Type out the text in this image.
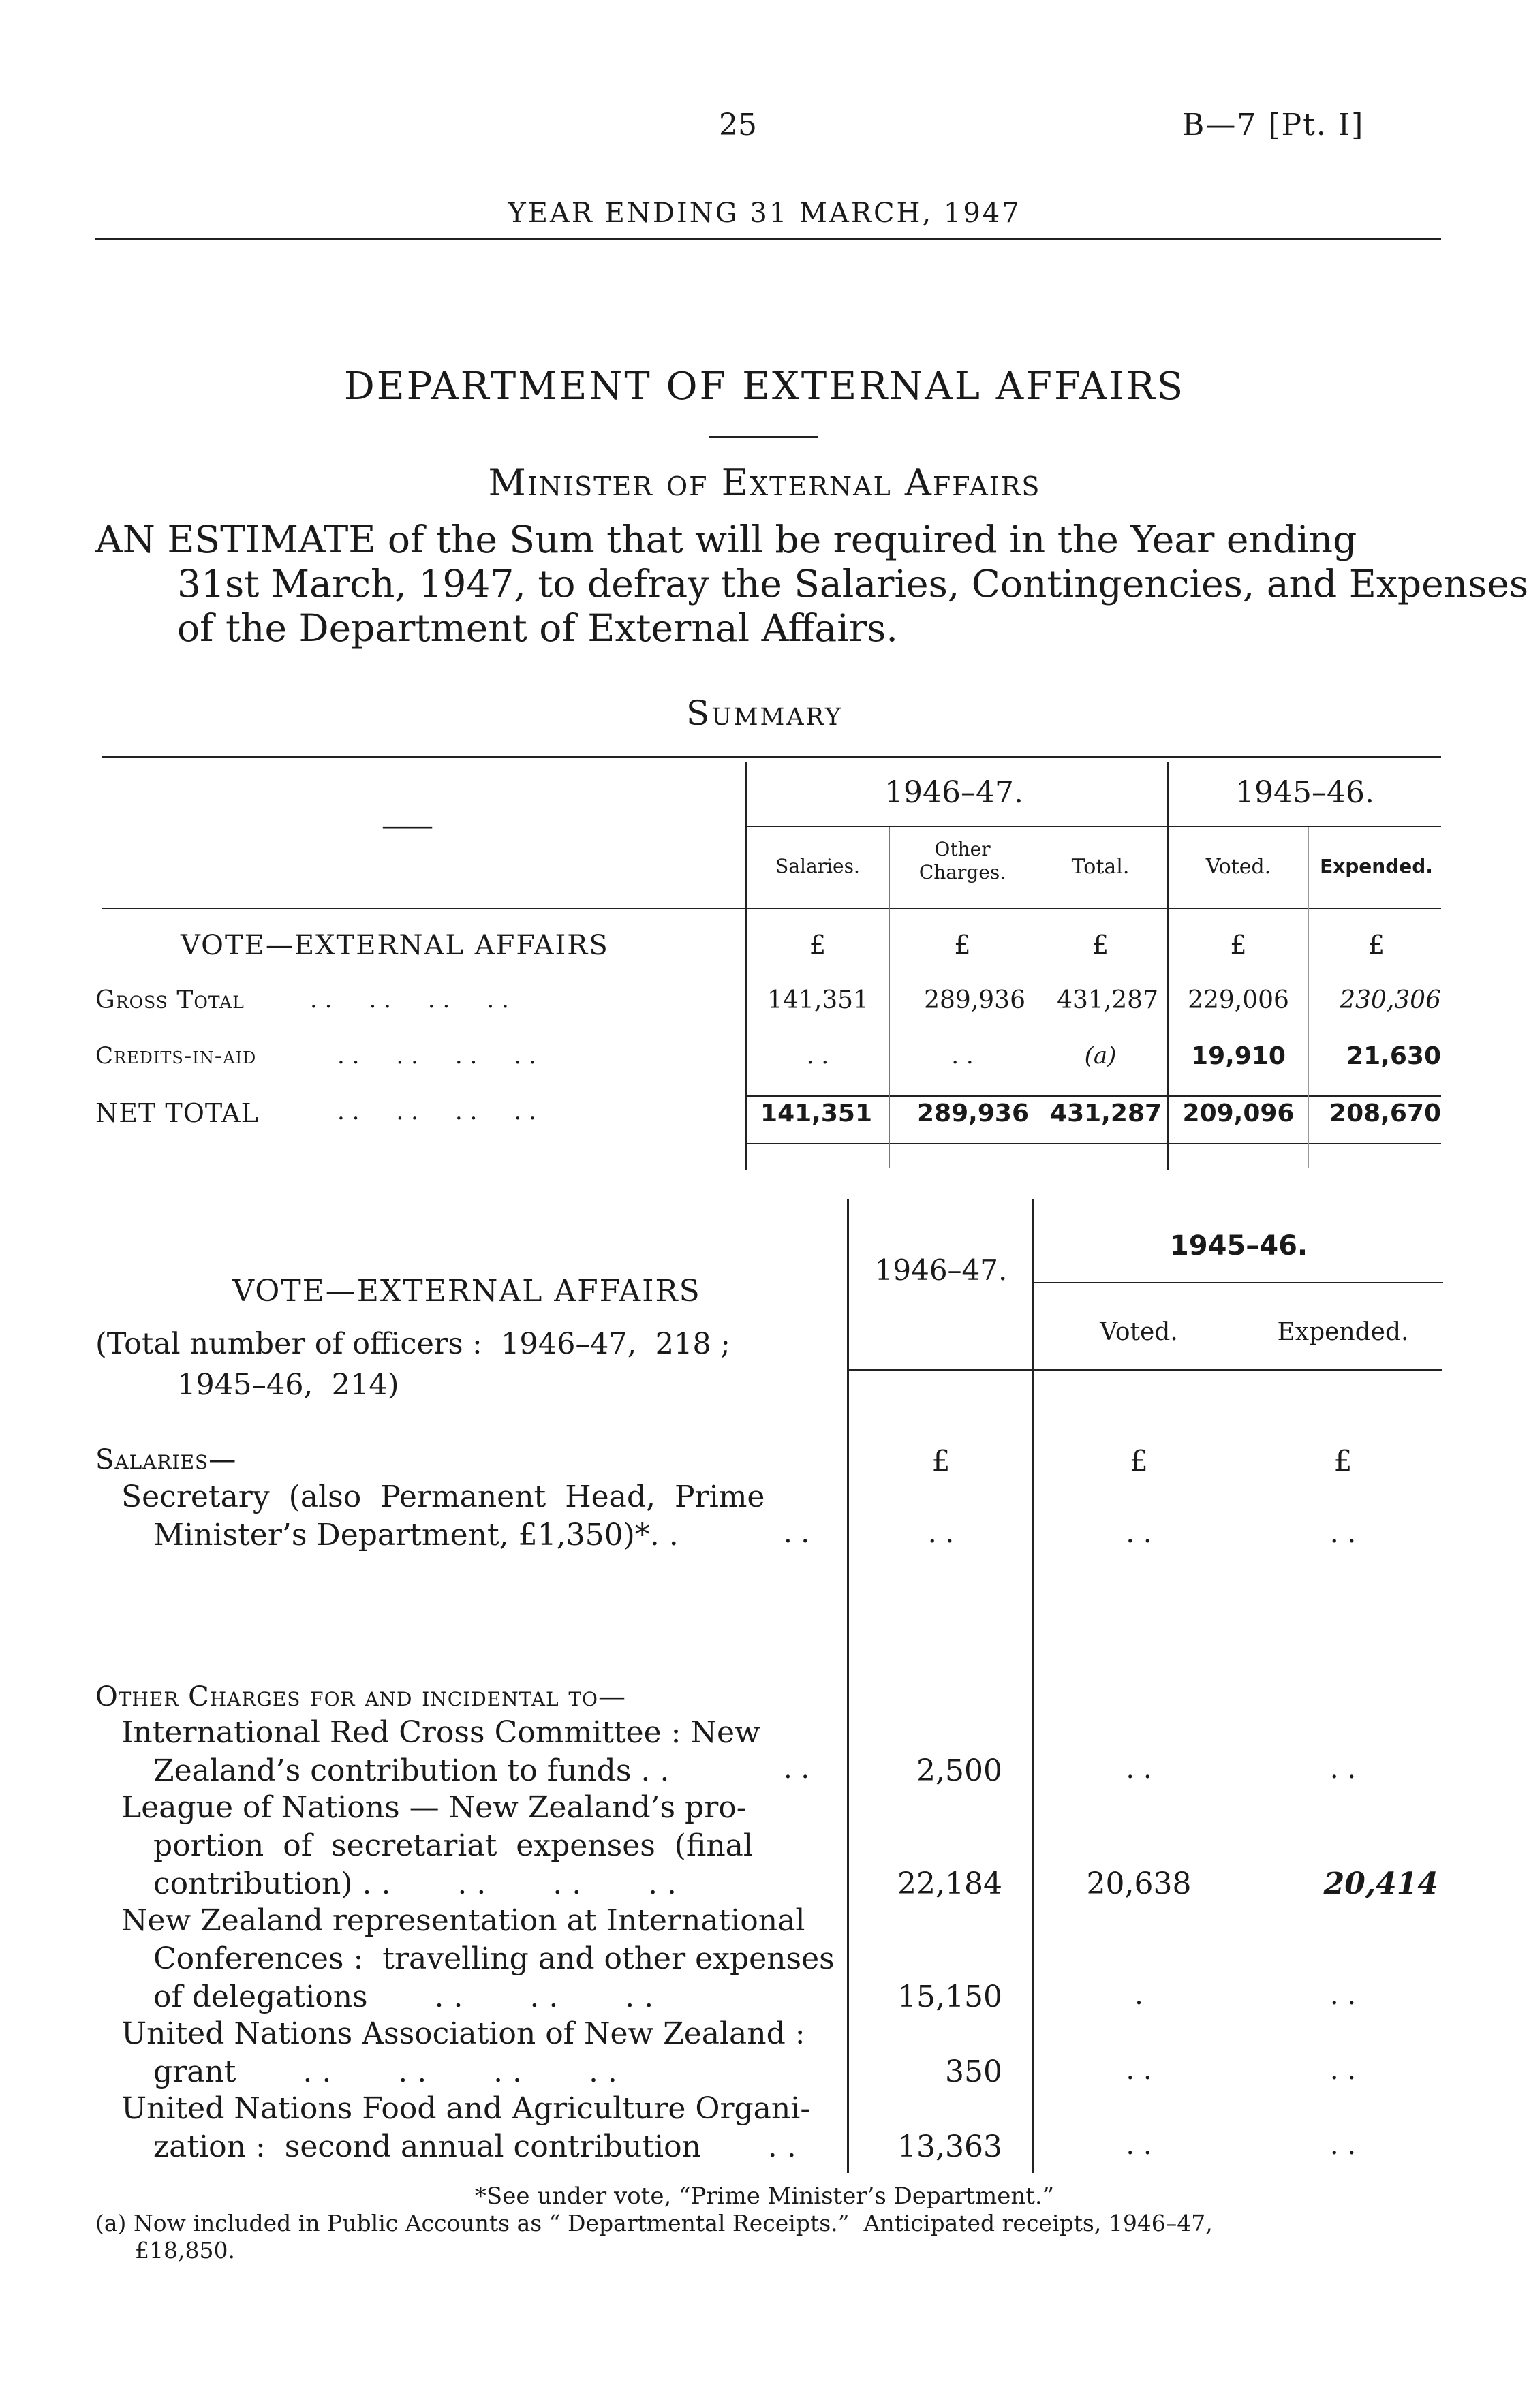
25	B—7 [Pt. I]
YEAR ENDING 31 MARCH, 1947
DEPARTMENT OF EXTERNAL AFFAIRS
Minister of External Affairs
AN ESTIMATE of the Sum that will be required in the Year ending
31st March, 1947, to defray the Salaries, Contingencies, and Expenses
of the Department of External Affairs.
Summary
——
1946–47.	1945–46.
Salaries.
Other
Charges.	Total.	Voted.	Expended.
VOTE—EXTERNAL AFFAIRS	£	£	£	£	£
Gross Total	. .     . .     . .     . .	141,351	289,936	431,287	229,006	230,306
Credits-in-aid	. .     . .     . .     . .	. .	. .	(a)	19,910	21,630
NET TOTAL	. .     . .     . .     . .	141,351	289,936 431,287 209,096	208,670
1946–47.
1945–46.
Voted.	Expended.
VOTE—EXTERNAL AFFAIRS
(Total number of officers :  1946–47,  218 ;
1945–46,  214)
£	£	£
Salaries—
Secretary  (also  Permanent  Head,  Prime
Minister’s Department, £1,350)*. .	. .	. .	. .	. .
Other Charges for and incidental to—
International Red Cross Committee : New
Zealand’s contribution to funds . .	. .	2,500	. .	. .
League of Nations — New Zealand’s pro-
portion  of  secretariat  expenses  (final
contribution) . .       . .       . .       . .	22,184	20,638	20,414
New Zealand representation at International
Conferences :  travelling and other expenses
of delegations       . .       . .       . .	15,150	.	. .
United Nations Association of New Zealand :
grant       . .       . .       . .       . .	350	. .	. .
United Nations Food and Agriculture Organi-
zation :  second annual contribution       . .	13,363	. .	. .
*See under vote, “Prime Minister’s Department.”
(a) Now included in Public Accounts as “ Departmental Receipts.”  Anticipated receipts, 1946–47,
£18,850.
